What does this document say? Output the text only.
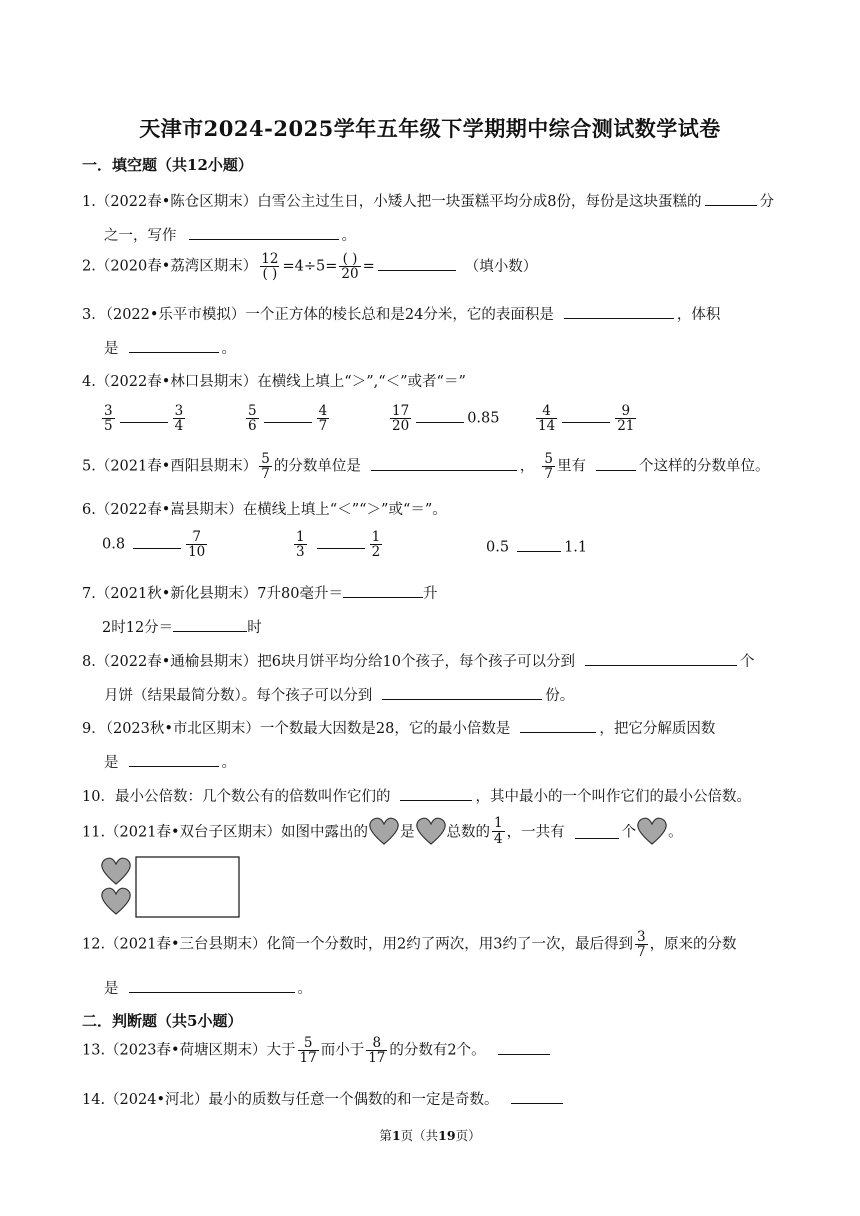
天津市2024-2025学年五年级下学期期中综合测试数学试卷
一．填空题（共12小题）
1.（2022春•陈仓区期末）白雪公主过生日，小矮人把一块蛋糕平均分成8份，每份是这块蛋糕的	分
之一，写作	。
2.（2020春•荔湾区期末） $\frac{12}{( )} =4\div 5= \frac{( )}{20}$ =	（填小数）
3．（2022•乐平市模拟）一个正方体的棱长总和是24分米，它的表面积是	，体积
是	。
4.（2022春•林口县期末）在横线上填上“＞”,“＜”或者“＝”
$\frac{3}{5}$	$\frac{3}{4}$	$\frac{5}{6}$	$\frac{4}{7}$	$\frac{17}{20}$	0.85	$\frac{4}{14}$	$\frac{9}{21}$
5.（2021春•酉阳县期末） $\frac{5}{7}$ 的分数单位是	， $\frac{5}{7}$ 里有	个这样的分数单位。
6.（2022春•嵩县期末）在横线上填上“＜”“＞”或“＝”。
0.8	$\frac{7}{10}$	$\frac{1}{3}$	$\frac{1}{2}$	0.5	1.1
7.（2021秋•新化县期末）7升80毫升＝	升
2时12分＝	时
8.（2022春•通榆县期末）把6块月饼平均分给10个孩子，每个孩子可以分到	个
月饼（结果最简分数）。每个孩子可以分到	份。
9．（2023秋•市北区期末）一个数最大因数是28，它的最小倍数是	，把它分解质因数
是	。
10．最小公倍数：几个数公有的倍数叫作它们的	，其中最小的一个叫作它们的最小公倍数。
11.（2021春•双台子区期末）如图中露出的 是 总数的 $\frac{1}{4}$ ，一共有	个 。
12.（2021春•三台县期末）化简一个分数时，用2约了两次，用3约了一次，最后得到 $\frac{3}{7}$ ，原来的分数
是	。
二．判断题（共5小题）
13.（2023春•荷塘区期末）大于 $\frac{5}{17}$ 而小于 $\frac{8}{17}$ 的分数有2个。
14.（2024•河北）最小的质数与任意一个偶数的和一定是奇数。
第1页（共19页）
